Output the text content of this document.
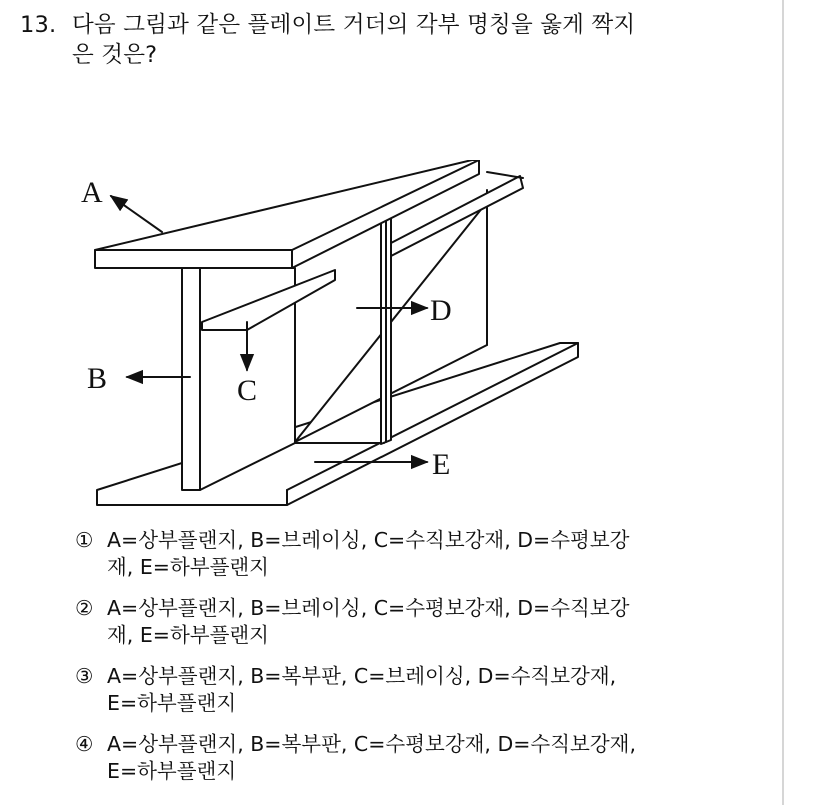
13. 다음 그림과 같은 플레이트 거더의 각부 명칭을 옳게 짝지
은 것은?
A
B	C
D
E
① A=상부플랜지, B=브레이싱, C=수직보강재, D=수평보강
재, E=하부플랜지
② A=상부플랜지, B=브레이싱, C=수평보강재, D=수직보강
재, E=하부플랜지
③ A=상부플랜지, B=복부판, C=브레이싱, D=수직보강재,
E=하부플랜지
④ A=상부플랜지, B=복부판, C=수평보강재, D=수직보강재,
E=하부플랜지
